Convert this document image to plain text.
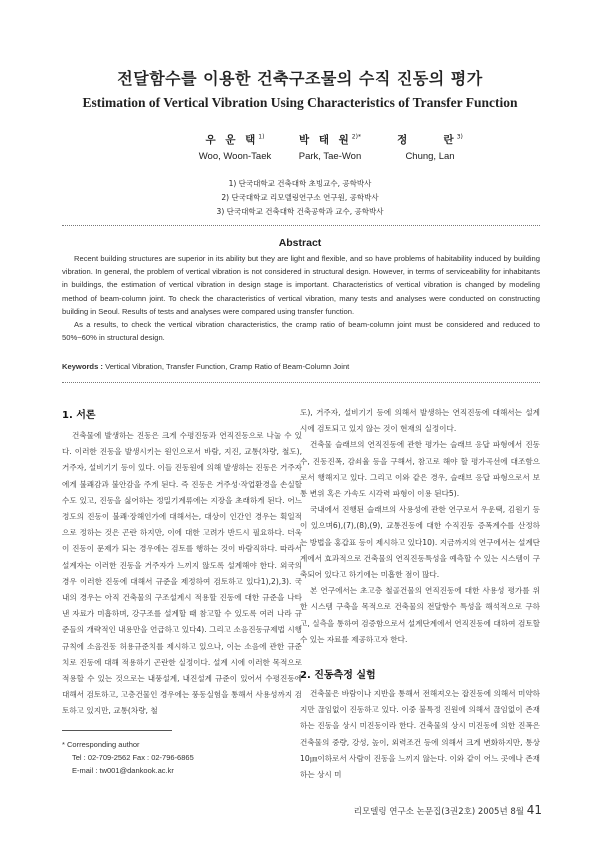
전달함수를 이용한 건축구조물의 수직 진동의 평가
Estimation of Vertical Vibration Using Characteristics of Transfer Function
우 운 택$^{1)}$
Woo, Woon-Taek
박 태 원$^{2)*}$
Park, Tae-Won
정     란$^{3)}$
Chung, Lan
1) 단국대학교 건축대학 초빙교수, 공학박사
2) 단국대학교 리모델링연구소 연구원, 공학박사
3) 단국대학교 건축대학 건축공학과 교수, 공학박사
Abstract

Recent building structures are superior in its ability but they are light and flexible, and so have problems of habitability induced by building vibration. In general, the problem of vertical vibration is not considered in structural design. However, in terms of serviceability for inhabitants in buildings, the estimation of vertical vibration in design stage is important. Characteristics of vertical vibration is changed by modeling method of beam-column joint. To check the characteristics of vertical vibration, many tests and analyses were conducted on constructing building in Seoul. Results of tests and analyses were compared using transfer function.

As a results, to check the vertical vibration characteristics, the cramp ratio of beam-column joint must be considered and reduced to 50%~60% in structural design.

Keywords : Vertical Vibration, Transfer Function, Cramp Ratio of Beam-Column Joint
1. 서론

건축물에 발생하는 진동은 크게 수평진동과 연직진동으로 나눌 수 있다. 이러한 진동을 발생시키는 원인으로서 바람, 지진, 교통(차량, 철도), 거주자, 설비기기 등이 있다. 이들 진동원에 의해 발생하는 진동은 거주자에게 불쾌감과 불안감을 주게 된다. 즉 진동은 거주성·작업환경을 손실할 수도 있고, 진동을 싫어하는 정밀기계류에는 지장을 초래하게 된다. 어느 정도의 진동이 불쾌·장해인가에 대해서는, 대상이 인간인 경우는 획일적으로 정하는 것은 곤란 하지만, 이에 대한 고려가 반드시 필요하다. 더욱이 진동이 문제가 되는 경우에는 검토를 행하는 것이 바람직하다. 따라서 설계자는 이러한 진동을 거주자가 느끼지 않도록 설계해야 한다. 외국의 경우 이러한 진동에 대해서 규준을 제정하여 검토하고 있다1),2),3). 국내의 경우는 아직 건축물의 구조설계시 적용할 진동에 대한 규준을 나타낸 자료가 미흡하며, 강구조를 설계할 때 참고할 수 있도록 여러 나라 규준들의 개략적인 내용만을 언급하고 있다4). 그리고 소음진동규제법 시행규칙에 소음진동 허용규준치를 제시하고 있으나, 이는 소음에 관한 규준치로 진동에 대해 적용하기 곤란한 실정이다. 설계 시에 이러한 목적으로 적용할 수 있는 것으로는 내풍설계, 내진설계 규준이 있어서 수평진동에 대해서 검토하고, 고층건물인 경우에는 풍동실험을 통해서 사용성까지 검토하고 있지만, 교통(차량, 철

도), 거주자, 설비기기 등에 의해서 발생하는 연직진동에 대해서는 설계 시에 검토되고 있지 않는 것이 현재의 실정이다.

건축물 슬래브의 연직진동에 관한 평가는 슬래브 응답 파형에서 진동수, 진동진폭, 감쇠율 등을 구해서, 참고로 해야 할 평가곡선에 대조함으로서 행해지고 있다. 그리고 이와 같은 경우, 슬래브 응답 파형으로서 보통 변위 혹은 가속도 시각력 파형이 이용 된다5).

국내에서 진행된 슬래브의 사용성에 관한 연구로서 우운택, 김원기 등이 있으며6),(7),(8),(9), 교통진동에 대한 수직진동 증폭계수를 산정하는 방법을 홍갑표 등이 제시하고 있다10). 지금까지의 연구에서는 설계단계에서 효과적으로 건축물의 연직진동특성을 예측할 수 있는 시스템이 구축되어 있다고 하기에는 미흡한 점이 많다.

본 연구에서는 초고층 철골건물의 연직진동에 대한 사용성 평가를 위한 시스템 구축을 목적으로 건축물의 전달함수 특성을 해석적으로 구하고, 실측을 통하여 검증함으로서 설계단계에서 연직진동에 대하여 검토할 수 있는 자료를 제공하고자 한다.

2. 진동측정 실험

건축물은 바람이나 지반을 통해서 전해져오는 잡진동에 의해서 미약하지만 끊임없이 진동하고 있다. 이중 불특정 진원에 의해서 끊임없이 존재하는 진동을 상시 미진동이라 한다. 건축물의 상시 미진동에 의한 진폭은 건축물의 중량, 강성, 높이, 외력조건 등에 의해서 크게 변화하지만, 통상 10㎛이하로서 사람이 진동을 느끼지 않는다. 이와 같이 어느 곳에나 존재하는 상시 미

* Corresponding author
Tel : 02-709-2562 Fax : 02-796-6865
E-mail : tw001@dankook.ac.kr
리모델링 연구소 논문집(3권2호) 2005년 8월 41
